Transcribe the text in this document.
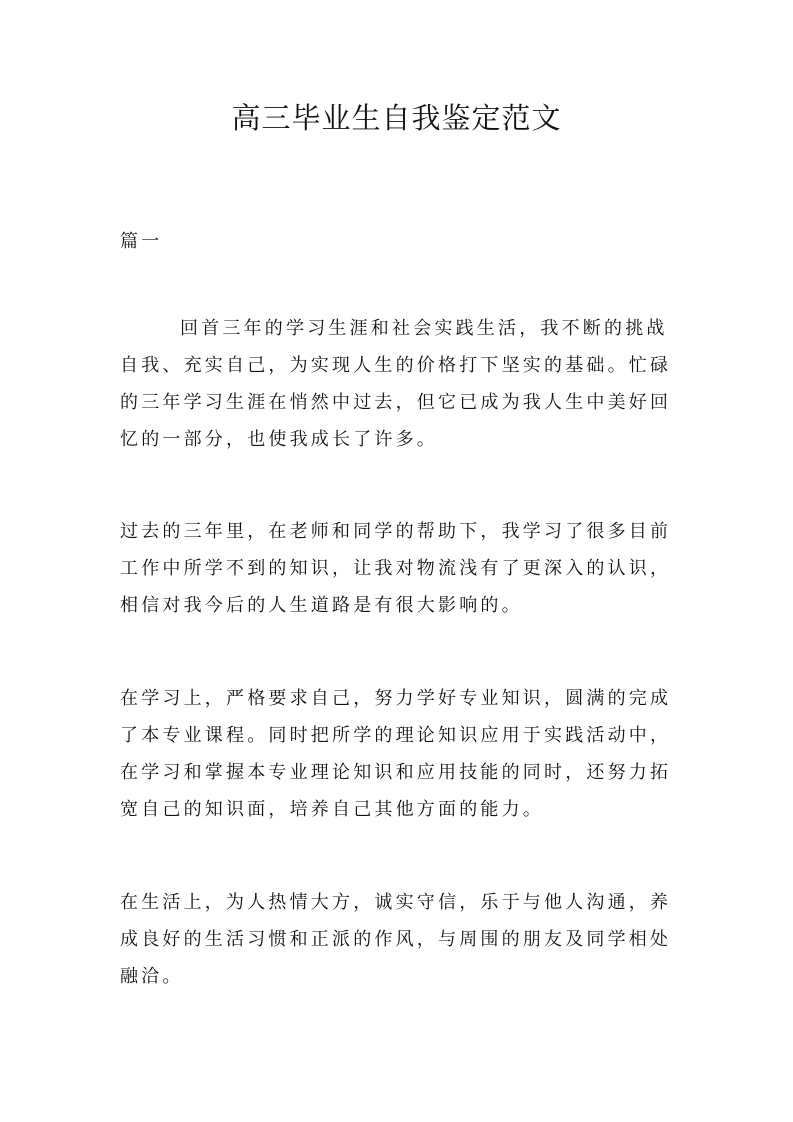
高三毕业生自我鉴定范文
篇一
回首三年的学习生涯和社会实践生活，我不断的挑战
自我、充实自己，为实现人生的价格打下坚实的基础。忙碌
的三年学习生涯在悄然中过去，但它已成为我人生中美好回
忆的一部分，也使我成长了许多。
过去的三年里，在老师和同学的帮助下，我学习了很多目前
工作中所学不到的知识，让我对物流浅有了更深入的认识，
相信对我今后的人生道路是有很大影响的。
在学习上，严格要求自己，努力学好专业知识，圆满的完成
了本专业课程。同时把所学的理论知识应用于实践活动中，
在学习和掌握本专业理论知识和应用技能的同时，还努力拓
宽自己的知识面，培养自己其他方面的能力。
在生活上，为人热情大方，诚实守信，乐于与他人沟通，养
成良好的生活习惯和正派的作风，与周围的朋友及同学相处
融洽。
